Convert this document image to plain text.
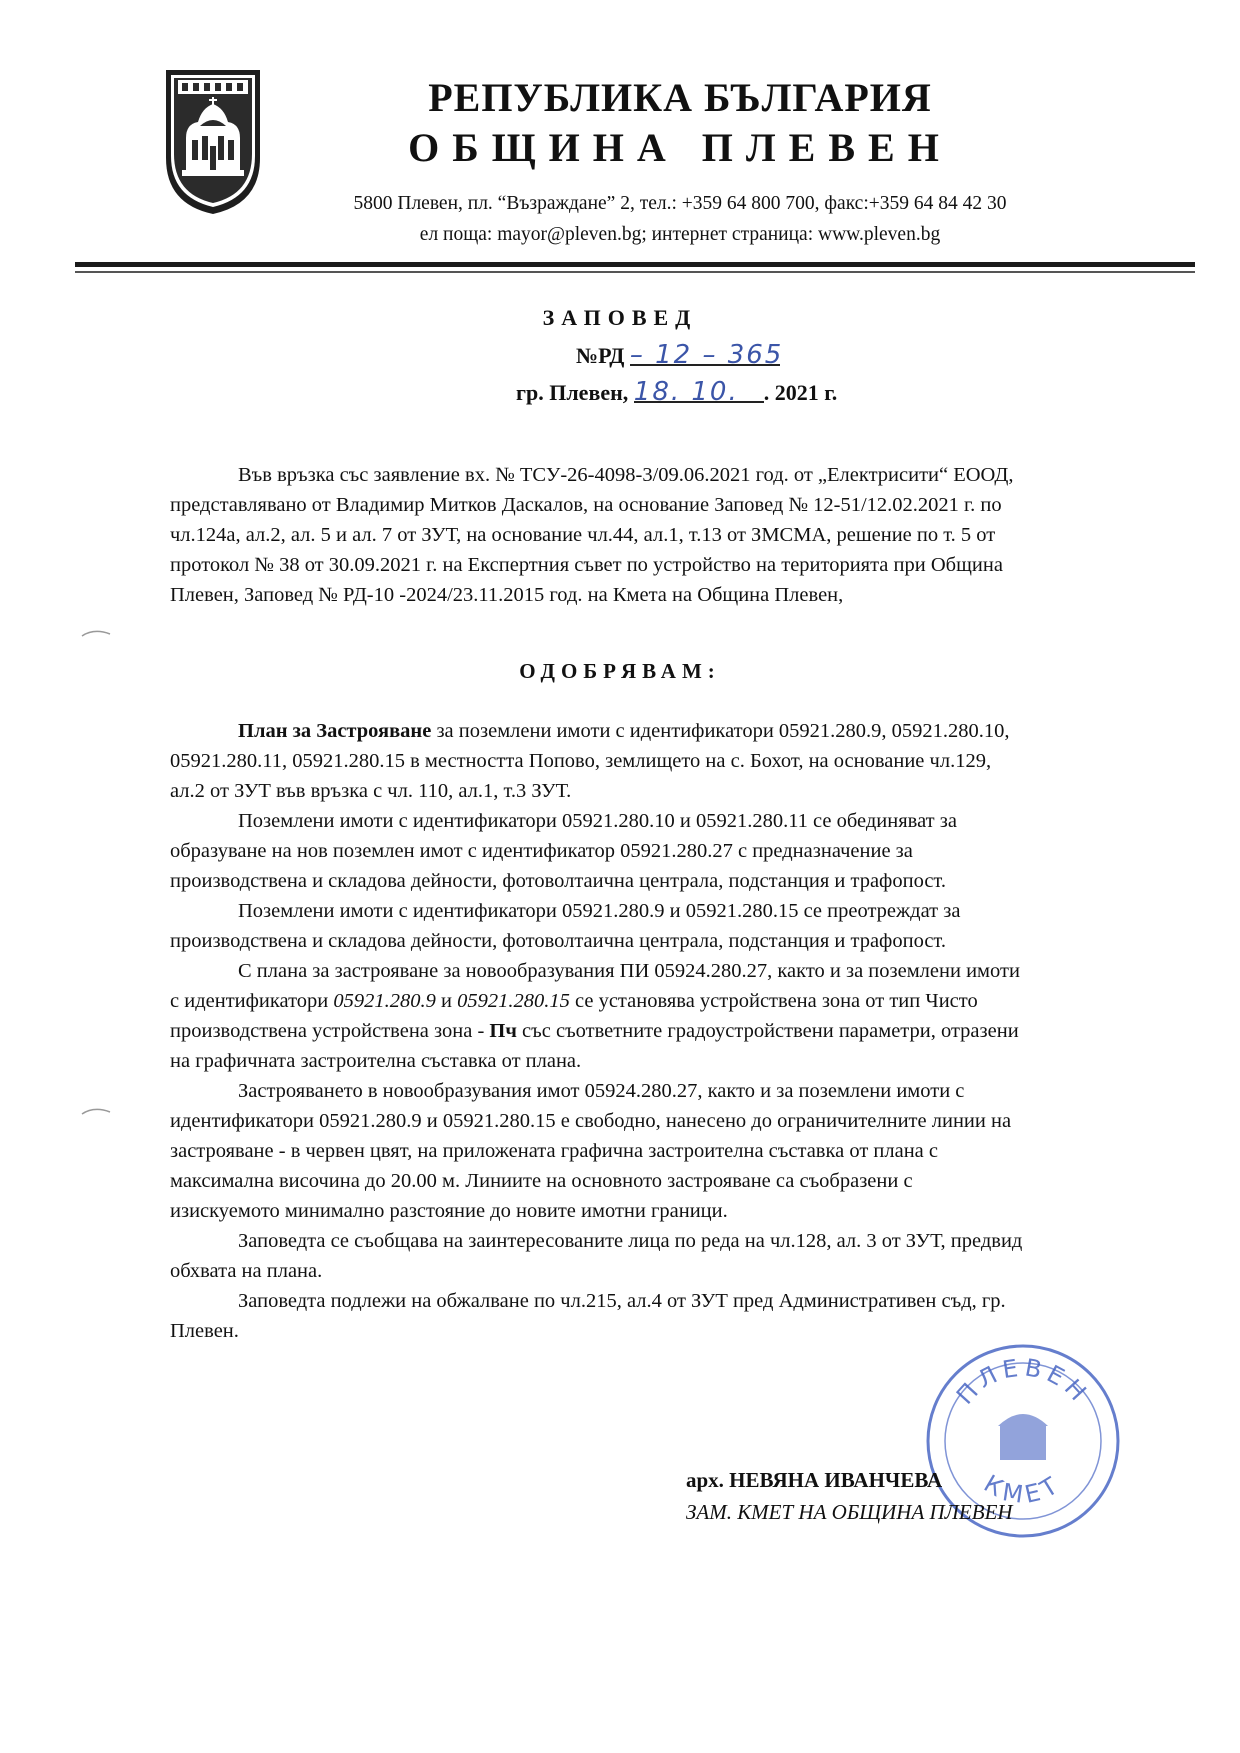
РЕПУБЛИКА БЪЛГАРИЯ
ОБЩИНА ПЛЕВЕН
5800 Плевен, пл. “Възраждане” 2, тел.: +359 64 800 700, факс:+359 64 84 42 30
ел поща: mayor@pleven.bg; интернет страница: www.pleven.bg
ЗАПОВЕД
№РД – 12 – 365
гр. Плевен, 18. 10. . 2021 г.
Във връзка със заявление вх. № ТСУ-26-4098-3/09.06.2021 год. от „Електрисити“ ЕООД,
представлявано от Владимир Митков Даскалов, на основание Заповед № 12-51/12.02.2021 г. по
чл.124а, ал.2, ал. 5 и ал. 7 от ЗУТ, на основание чл.44, ал.1, т.13 от ЗМСМА, решение по т. 5 от
протокол № 38 от 30.09.2021 г. на Експертния съвет по устройство на територията при Община
Плевен, Заповед № РД-10 -2024/23.11.2015 год. на Кмета на Община Плевен,
ОДОБРЯВАМ:
План за Застрояване за поземлени имоти с идентификатори 05921.280.9, 05921.280.10,
05921.280.11, 05921.280.15 в местността Попово, землището на с. Бохот, на основание чл.129,
ал.2 от ЗУТ във връзка с чл. 110, ал.1, т.3 ЗУТ.
Поземлени имоти с идентификатори 05921.280.10 и 05921.280.11 се обединяват за
образуване на нов поземлен имот с идентификатор 05921.280.27 с предназначение за
производствена и складова дейности, фотоволтаична централа, подстанция и трафопост.
Поземлени имоти с идентификатори 05921.280.9 и 05921.280.15 се преотреждат за
производствена и складова дейности, фотоволтаична централа, подстанция и трафопост.
С плана за застрояване за новообразувания ПИ 05924.280.27, както и за поземлени имоти
с идентификатори 05921.280.9 и 05921.280.15 се установява устройствена зона от тип Чисто
производствена устройствена зона - Пч със съответните градоустройствени параметри, отразени
на графичната застроителна съставка от плана.
Застрояването в новообразувания имот 05924.280.27, както и за поземлени имоти с
идентификатори 05921.280.9 и 05921.280.15 е свободно, нанесено до ограничителните линии на
застрояване - в червен цвят, на приложената графична застроителна съставка от плана с
максимална височина до 20.00 м. Линиите на основното застрояване са съобразени с
изискуемото минимално разстояние до новите имотни граници.
Заповедта се съобщава на заинтересованите лица по реда на чл.128, ал. 3 от ЗУТ, предвид
обхвата на плана.
Заповедта подлежи на обжалване по чл.215, ал.4 от ЗУТ пред Административен съд, гр.
Плевен.
ПЛЕВЕН
КМЕТ
арх. НЕВЯНА ИВАНЧЕВА
ЗАМ. КМЕТ НА ОБЩИНА ПЛЕВЕН
